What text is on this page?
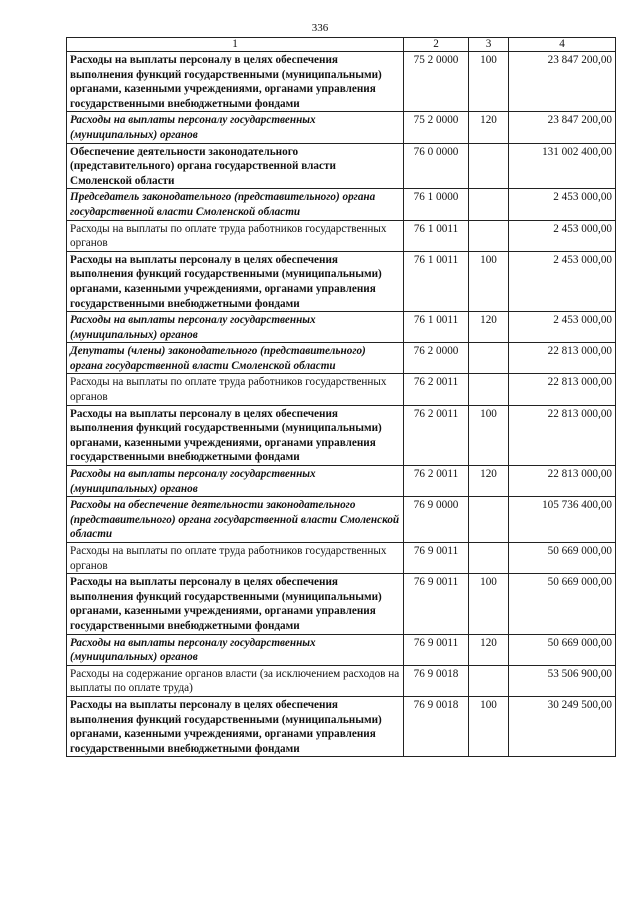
336
1	2	3	4
Расходы на выплаты персоналу в целях обеспечения выполнения функций государственными (муниципальными) органами, казенными учреждениями, органами управления государственными внебюджетными фондами	75 2 0000	100	23 847 200,00
Расходы на выплаты персоналу государственных (муниципальных) органов	75 2 0000	120	23 847 200,00
Обеспечение деятельности законодательного (представительного) органа государственной власти Смоленской области	76 0 0000		131 002 400,00
Председатель законодательного (представительного) органа государственной власти Смоленской области	76 1 0000		2 453 000,00
Расходы на выплаты по оплате труда работников государственных органов	76 1 0011		2 453 000,00
Расходы на выплаты персоналу в целях обеспечения выполнения функций государственными (муниципальными) органами, казенными учреждениями, органами управления государственными внебюджетными фондами	76 1 0011	100	2 453 000,00
Расходы на выплаты персоналу государственных (муниципальных) органов	76 1 0011	120	2 453 000,00
Депутаты (члены) законодательного (представительного) органа государственной власти Смоленской области	76 2 0000		22 813 000,00
Расходы на выплаты по оплате труда работников государственных органов	76 2 0011		22 813 000,00
Расходы на выплаты персоналу в целях обеспечения выполнения функций государственными (муниципальными) органами, казенными учреждениями, органами управления государственными внебюджетными фондами	76 2 0011	100	22 813 000,00
Расходы на выплаты персоналу государственных (муниципальных) органов	76 2 0011	120	22 813 000,00
Расходы на обеспечение деятельности законодательного (представительного) органа государственной власти Смоленской области	76 9 0000		105 736 400,00
Расходы на выплаты по оплате труда работников государственных органов	76 9 0011		50 669 000,00
Расходы на выплаты персоналу в целях обеспечения выполнения функций государственными (муниципальными) органами, казенными учреждениями, органами управления государственными внебюджетными фондами	76 9 0011	100	50 669 000,00
Расходы на выплаты персоналу государственных (муниципальных) органов	76 9 0011	120	50 669 000,00
Расходы на содержание органов власти (за исключением расходов на выплаты по оплате труда)	76 9 0018		53 506 900,00
Расходы на выплаты персоналу в целях обеспечения выполнения функций государственными (муниципальными) органами, казенными учреждениями, органами управления государственными внебюджетными фондами	76 9 0018	100	30 249 500,00
